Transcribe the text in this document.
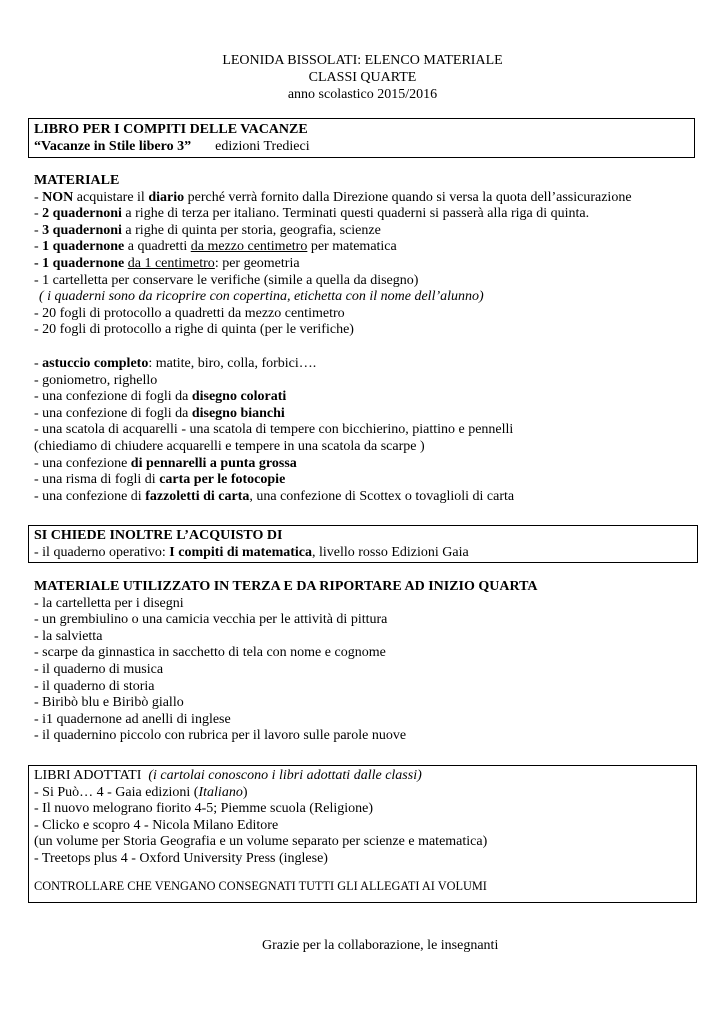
LEONIDA BISSOLATI: ELENCO MATERIALE
CLASSI QUARTE
anno scolastico 2015/2016
LIBRO PER I COMPITI DELLE VACANZE
“Vacanze in Stile libero 3” edizioni Tredieci
MATERIALE
- NON acquistare il diario perché verrà fornito dalla Direzione quando si versa la quota dell’assicurazione
- 2 quadernoni a righe di terza per italiano. Terminati questi quaderni si passerà alla riga di quinta.
- 3 quadernoni a righe di quinta per storia, geografia, scienze
- 1 quadernone a quadretti da mezzo centimetro per matematica
- 1 quadernone da 1 centimetro: per geometria
- 1 cartelletta per conservare le verifiche (simile a quella da disegno)
( i quaderni sono da ricoprire con copertina, etichetta con il nome dell’alunno)
- 20 fogli di protocollo a quadretti da mezzo centimetro
- 20 fogli di protocollo a righe di quinta (per le verifiche)
- astuccio completo: matite, biro, colla, forbici….
- goniometro, righello
- una confezione di fogli da disegno colorati
- una confezione di fogli da disegno bianchi
- una scatola di acquarelli - una scatola di tempere con bicchierino, piattino e pennelli
(chiediamo di chiudere acquarelli e tempere in una scatola da scarpe )
- una confezione di pennarelli a punta grossa
- una risma di fogli di carta per le fotocopie
- una confezione di fazzoletti di carta, una confezione di Scottex o tovaglioli di carta
SI CHIEDE INOLTRE L’ACQUISTO DI
- il quaderno operativo: I compiti di matematica, livello rosso Edizioni Gaia
MATERIALE UTILIZZATO IN TERZA E DA RIPORTARE AD INIZIO QUARTA
- la cartelletta per i disegni
- un grembiulino o una camicia vecchia per le attività di pittura
- la salvietta
- scarpe da ginnastica in sacchetto di tela con nome e cognome
- il quaderno di musica
- il quaderno di storia
- Biribò blu e Biribò giallo
- i1 quadernone ad anelli di inglese
- il quadernino piccolo con rubrica per il lavoro sulle parole nuove
LIBRI ADOTTATI (i cartolai conoscono i libri adottati dalle classi)
- Si Può… 4 - Gaia edizioni (Italiano)
- Il nuovo melograno fiorito 4-5; Piemme scuola (Religione)
- Clicko e scopro 4 - Nicola Milano Editore
(un volume per Storia Geografia e un volume separato per scienze e matematica)
- Treetops plus 4 - Oxford University Press (inglese)
CONTROLLARE CHE VENGANO CONSEGNATI TUTTI GLI ALLEGATI AI VOLUMI
Grazie per la collaborazione, le insegnanti
